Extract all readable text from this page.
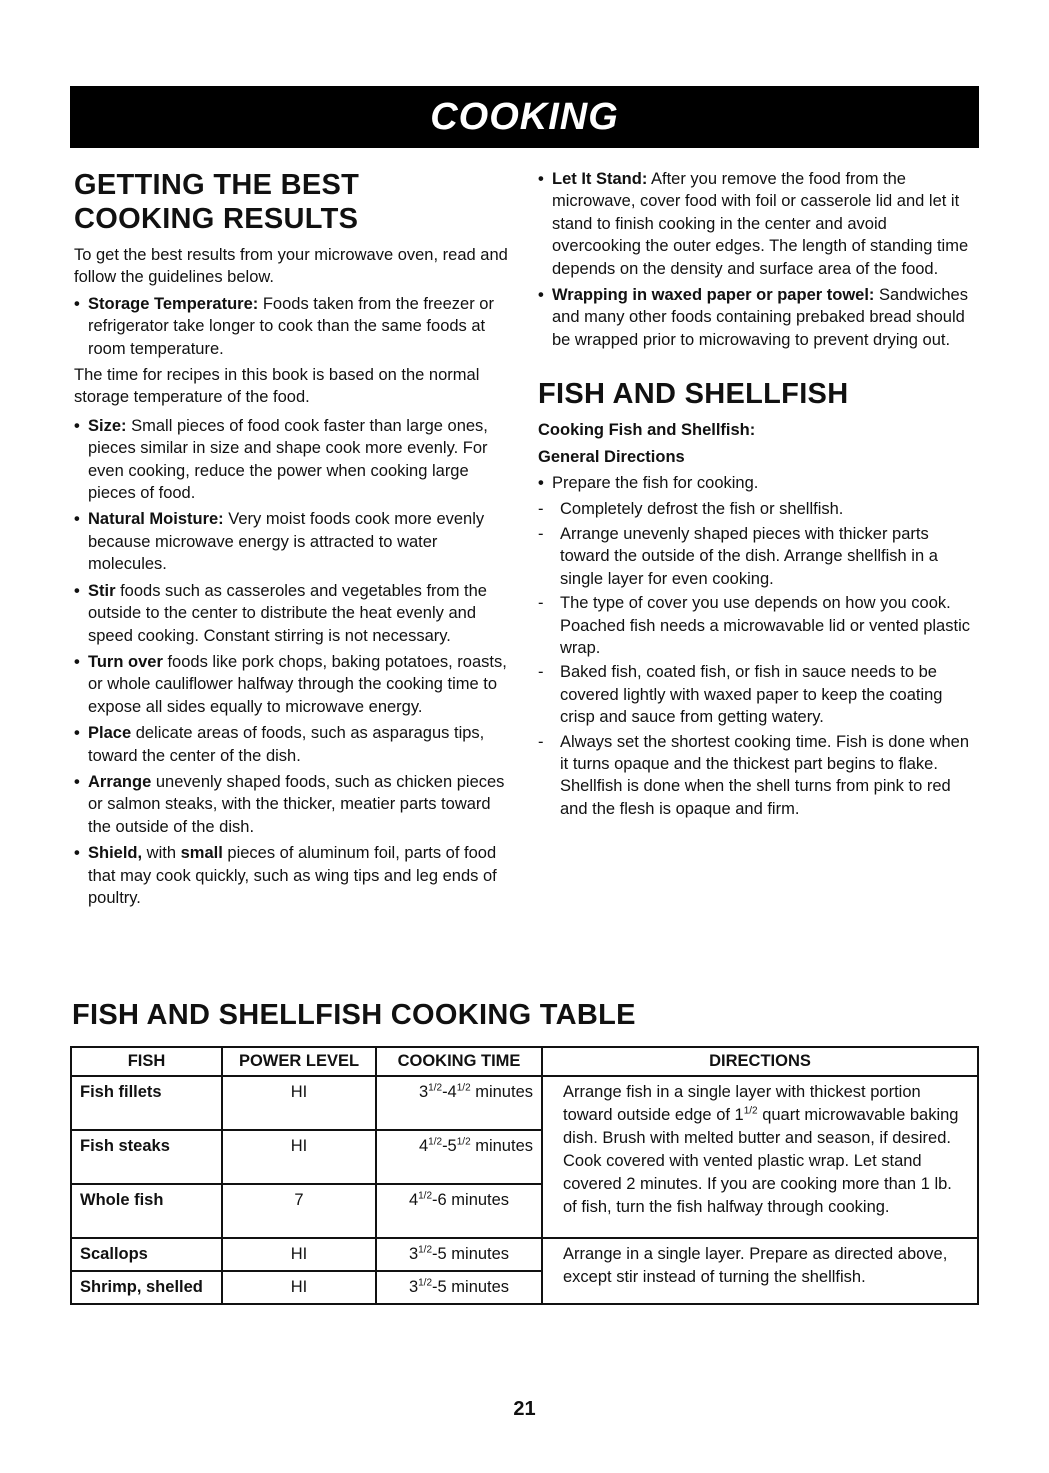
COOKING
GETTING THE BEST
COOKING RESULTS

To get the best results from your microwave oven, read and follow the guidelines below.

• Storage Temperature: Foods taken from the freezer or refrigerator take longer to cook than the same foods at room temperature.

The time for recipes in this book is based on the normal storage temperature of the food.

• Size: Small pieces of food cook faster than large ones, pieces similar in size and shape cook more evenly. For even cooking, reduce the power when cooking large pieces of food.

• Natural Moisture: Very moist foods cook more evenly because microwave energy is attracted to water molecules.

• Stir foods such as casseroles and vegetables from the outside to the center to distribute the heat evenly and speed cooking. Constant stirring is not necessary.

• Turn over foods like pork chops, baking potatoes, roasts, or whole cauliflower halfway through the cooking time to expose all sides equally to microwave energy.

• Place delicate areas of foods, such as asparagus tips, toward the center of the dish.

• Arrange unevenly shaped foods, such as chicken pieces or salmon steaks, with the thicker, meatier parts toward the outside of the dish.

• Shield, with small pieces of aluminum foil, parts of food that may cook quickly, such as wing tips and leg ends of poultry.

• Let It Stand: After you remove the food from the microwave, cover food with foil or casserole lid and let it stand to finish cooking in the center and avoid overcooking the outer edges. The length of standing time depends on the density and surface area of the food.

• Wrapping in waxed paper or paper towel: Sandwiches and many other foods containing prebaked bread should be wrapped prior to microwaving to prevent drying out.

FISH AND SHELLFISH
Cooking Fish and Shellfish:
General Directions

• Prepare the fish for cooking.

- Completely defrost the fish or shellfish.

- Arrange unevenly shaped pieces with thicker parts toward the outside of the dish. Arrange shellfish in a single layer for even cooking.

- The type of cover you use depends on how you cook. Poached fish needs a microwavable lid or vented plastic wrap.

- Baked fish, coated fish, or fish in sauce needs to be covered lightly with waxed paper to keep the coating crisp and sauce from getting watery.

- Always set the shortest cooking time. Fish is done when it turns opaque and the thickest part begins to flake. Shellfish is done when the shell turns from pink to red and the flesh is opaque and firm.

FISH AND SHELLFISH COOKING TABLE
FISH	POWER LEVEL	COOKING TIME	DIRECTIONS
Fish fillets	HI	$3^{1/2}-4^{1/2}$ minutes	Arrange fish in a single layer with thickest portion toward outside edge of $1^{1/2}$ quart microwavable baking dish. Brush with melted butter and season, if desired. Cook covered with vented plastic wrap. Let stand covered 2 minutes. If you are cooking more than 1 lb. of fish, turn the fish halfway through cooking.
Fish steaks	HI	$4^{1/2}-5^{1/2}$ minutes	
Whole fish	7	$4^{1/2}-6$ minutes	
Scallops	HI	$3^{1/2}-5$ minutes	Arrange in a single layer. Prepare as directed above, except stir instead of turning the shellfish.
Shrimp, shelled	HI	$3^{1/2}-5$ minutes	
21
